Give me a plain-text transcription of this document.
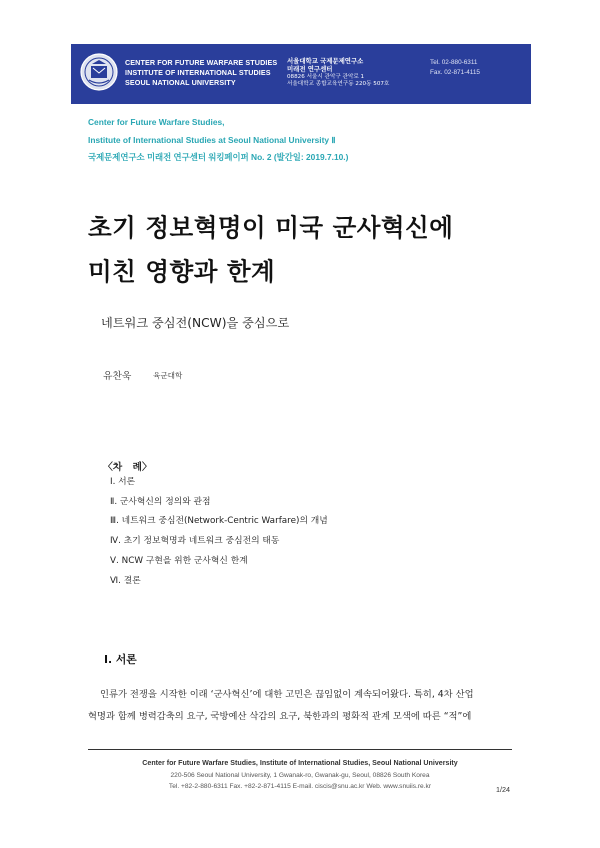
CENTER FOR FUTURE WARFARE STUDIES
INSTITUTE OF INTERNATIONAL STUDIES
SEOUL NATIONAL UNIVERSITY
서울대학교 국제문제연구소
미래전 연구센터
08826 서울시 관악구 관악로 1
서울대학교 종합교육연구동 220동 507호
Tel. 02-880-6311
Fax. 02-871-4115
Center for Future Warfare Studies,
Institute of International Studies at Seoul National University Ⅱ
국제문제연구소 미래전 연구센터 워킹페이퍼 No. 2 (발간일: 2019.7.10.)
초기 정보혁명이 미국 군사혁신에
미친 영향과 한계
네트워크 중심전(NCW)을 중심으로
유찬욱	육군대학
〈차   례〉
Ⅰ. 서론
Ⅱ. 군사혁신의 정의와 관점
Ⅲ. 네트워크 중심전(Network-Centric Warfare)의 개념
Ⅳ. 초기 정보혁명과 네트워크 중심전의 태동
Ⅴ. NCW 구현을 위한 군사혁신 한계
Ⅵ. 결론
Ⅰ. 서론
인류가 전쟁을 시작한 이래 ‘군사혁신’에 대한 고민은 끊임없이 계속되어왔다. 특히, 4차 산업
혁명과 함께 병력감축의 요구, 국방예산 삭감의 요구, 북한과의 평화적 관계 모색에 따른 “적”에
Center for Future Warfare Studies, Institute of International Studies, Seoul National University
220-506 Seoul National University, 1 Gwanak-ro, Gwanak-gu, Seoul, 08826 South Korea
Tel. +82-2-880-6311 Fax. +82-2-871-4115 E-mail. ciscis@snu.ac.kr Web. www.snuiis.re.kr	1/24
